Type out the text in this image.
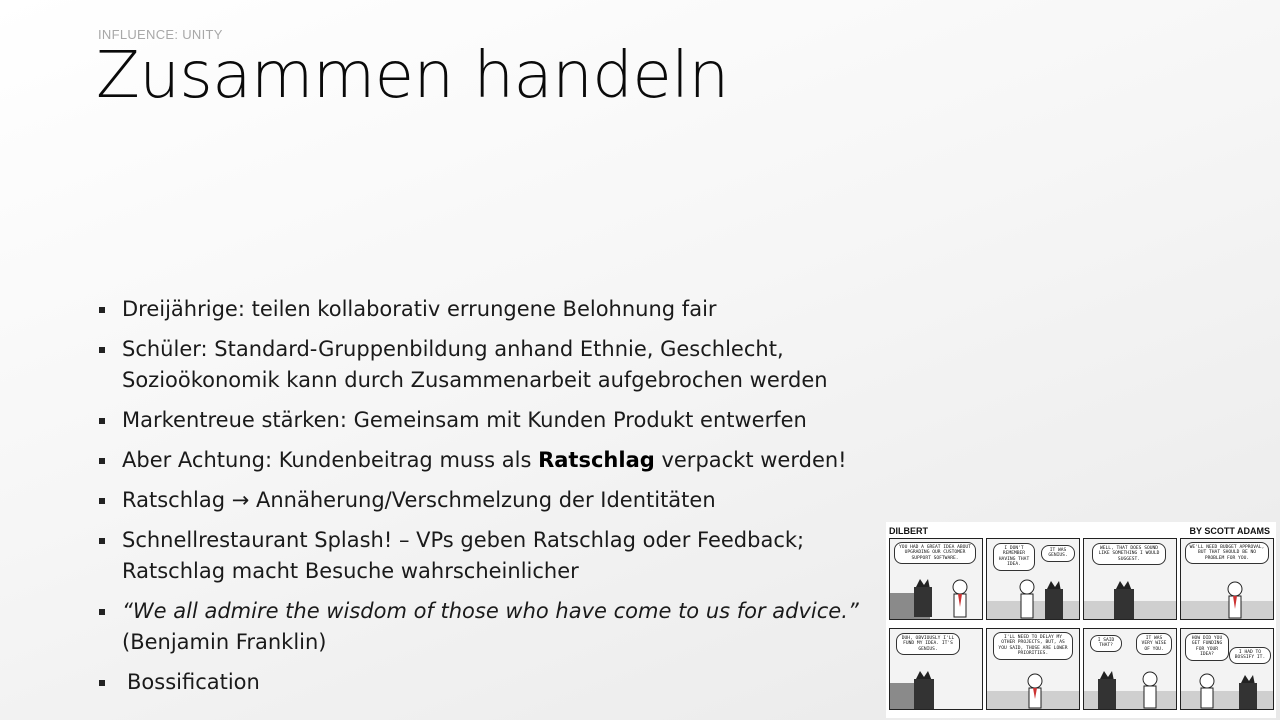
INFLUENCE: UNITY
Zusammen handeln
Dreijährige: teilen kollaborativ errungene Belohnung fair
Schüler: Standard-Gruppenbildung anhand Ethnie, Geschlecht, Sozioökonomik kann durch Zusammenarbeit aufgebrochen werden
Markentreue stärken: Gemeinsam mit Kunden Produkt entwerfen
Aber Achtung: Kundenbeitrag muss als Ratschlag verpackt werden!
Ratschlag → Annäherung/Verschmelzung der Identitäten
Schnellrestaurant Splash! – VPs geben Ratschlag oder Feedback; Ratschlag macht Besuche wahrscheinlicher
“We all admire the wisdom of those who have come to us for advice.”
(Benjamin Franklin)
Bossification
DILBERT	BY SCOTT ADAMS
YOU HAD A GREAT IDEA ABOUT UPGRADING OUR CUSTOMER SUPPORT SOFTWARE.
I DON'T REMEMBER HAVING THAT IDEA.
IT WAS GENIUS.
WELL, THAT DOES SOUND LIKE SOMETHING I WOULD SUGGEST.
WE'LL NEED BUDGET APPROVAL, BUT THAT SHOULD BE NO PROBLEM FOR YOU.
DUH, OBVIOUSLY I'LL FUND MY IDEA. IT'S GENIUS.
I'LL NEED TO DELAY MY OTHER PROJECTS, BUT, AS YOU SAID, THOSE ARE LOWER PRIORITIES.
I SAID THAT?
IT WAS VERY WISE OF YOU.
HOW DID YOU GET FUNDING FOR YOUR IDEA?	I HAD TO BOSSIFY IT.
